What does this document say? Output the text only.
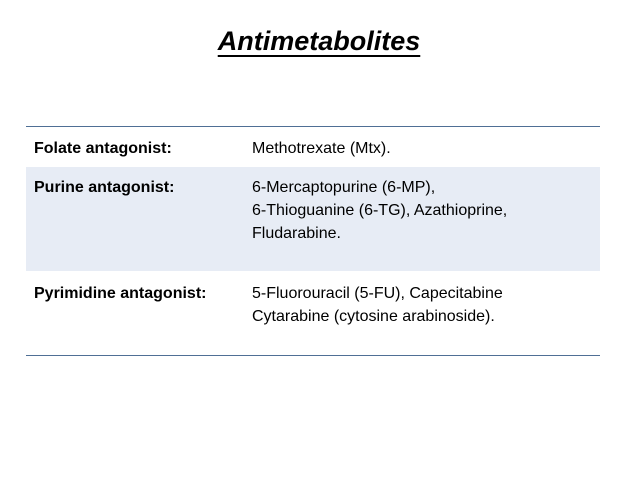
Antimetabolites
Folate antagonist:	Methotrexate (Mtx).

Purine antagonist:	6-Mercaptopurine (6-MP),
6-Thioguanine (6-TG), Azathioprine,
Fludarabine.

Pyrimidine antagonist:	5-Fluorouracil (5-FU), Capecitabine
Cytarabine (cytosine arabinoside).
